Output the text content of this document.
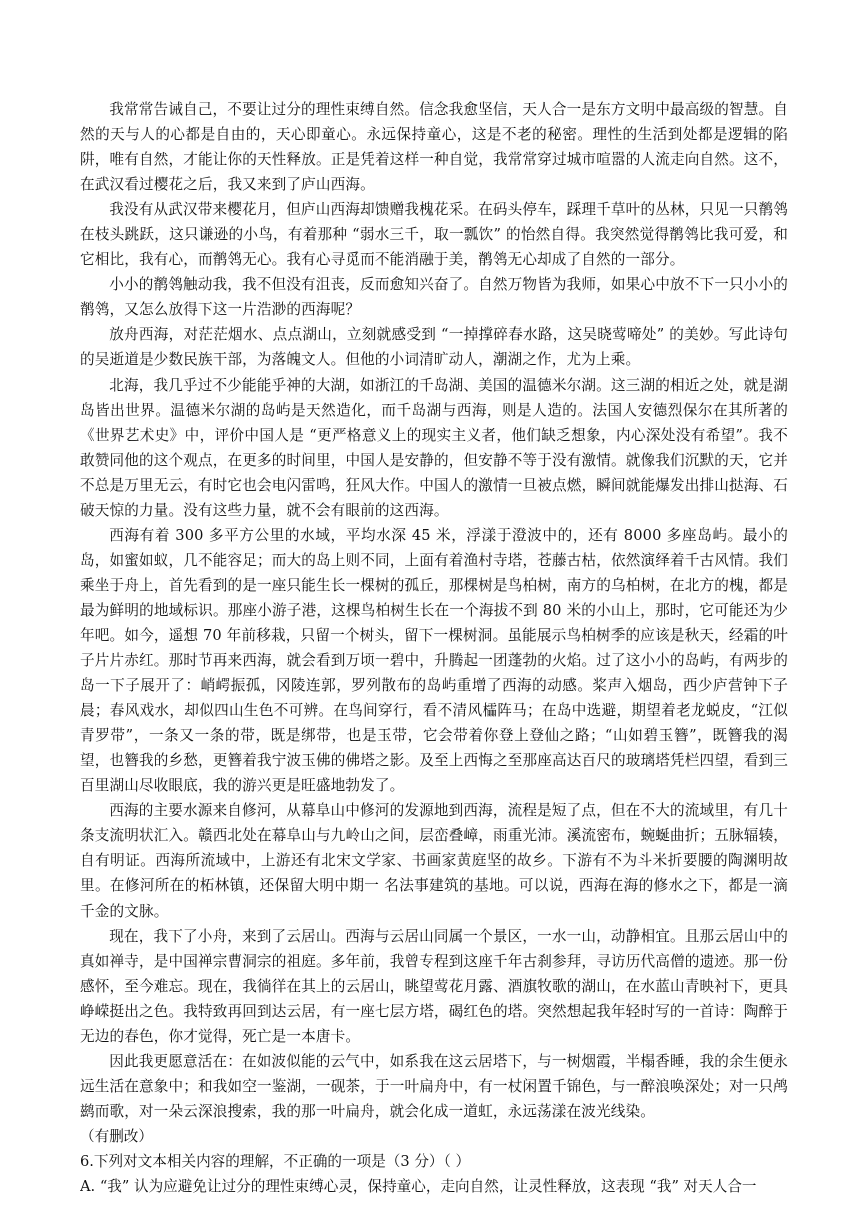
我常常告诫自己，不要让过分的理性束缚自然。信念我愈坚信，天人合一是东方文明中最高级的智慧。自然的天与人的心都是自由的，天心即童心。永远保持童心，这是不老的秘密。理性的生活到处都是逻辑的陷阱，唯有自然，才能让你的天性释放。正是凭着这样一种自觉，我常常穿过城市喧嚣的人流走向自然。这不，在武汉看过樱花之后，我又来到了庐山西海。

我没有从武汉带来樱花月，但庐山西海却馈赠我槐花采。在码头停车，踩理千草叶的丛林，只见一只鹡鸰在枝头跳跃，这只谦逊的小鸟，有着那种 “弱水三千，取一瓢饮” 的怡然自得。我突然觉得鹡鸰比我可爱，和它相比，我有心，而鹡鸰无心。我有心寻觅而不能消融于美，鹡鸰无心却成了自然的一部分。

小小的鹡鸰触动我，我不但没有沮丧，反而愈知兴奋了。自然万物皆为我师，如果心中放不下一只小小的鹡鸰，又怎么放得下这一片浩渺的西海呢？

放舟西海，对茫茫烟水、点点湖山，立刻就感受到 “一掉撑碎春水路，这吴晓莺啼处” 的美妙。写此诗句的吴逝道是少数民族干部，为落魄文人。但他的小词清旷动人，潮湖之作，尤为上乘。

北海，我几乎过不少能能乎神的大湖，如浙江的千岛湖、美国的温德米尔湖。这三湖的相近之处，就是湖岛皆出世界。温德米尔湖的岛屿是天然造化，而千岛湖与西海，则是人造的。法国人安德烈保尔在其所著的《世界艺术史》中，评价中国人是 “更严格意义上的现实主义者，他们缺乏想象，内心深处没有希望”。我不敢赞同他的这个观点，在更多的时间里，中国人是安静的，但安静不等于没有激情。就像我们沉默的天，它并不总是万里无云，有时它也会电闪雷鸣，狂风大作。中国人的激情一旦被点燃，瞬间就能爆发出排山挞海、石破天惊的力量。没有这些力量，就不会有眼前的这西海。

西海有着 300 多平方公里的水域，平均水深 45 米，浮漾于澄波中的，还有 8000 多座岛屿。最小的岛，如蜜如蚁，几不能容足；而大的岛上则不同，上面有着渔村寺塔，苍藤古枯，依然演绎着千古风情。我们乘坐于舟上，首先看到的是一座只能生长一棵树的孤丘，那棵树是鸟柏树，南方的乌柏树，在北方的槐，都是最为鲜明的地域标识。那座小游子港，这棵鸟柏树生长在一个海拔不到 80 米的小山上，那时，它可能还为少年吧。如今，遥想 70 年前移栽，只留一个树头，留下一棵树洞。虽能展示鸟柏树季的应该是秋天，经霜的叶子片片赤红。那时节再来西海，就会看到万顷一碧中，升腾起一团蓬勃的火焰。过了这小小的岛屿，有两步的岛一下子展开了：峭崿振孤，冈陵连郭，罗列散布的岛屿重增了西海的动感。桨声入烟岛，西少庐营钟下子晨；春风戏水，却似四山生色不可辨。在鸟间穿行，看不清风櫺阵马；在岛中选避，期望着老龙蜕皮，“江似青罗带”，一条又一条的带，既是绑带，也是玉带，它会带着你登上登仙之路；“山如碧玉簪”，既簪我的渴望，也簪我的乡愁，更簪着我宁波玉佛的佛塔之影。及至上西悔之至那座高达百尺的玻璃塔凭栏四望，看到三百里湖山尽收眼底，我的游兴更是旺盛地勃发了。

西海的主要水源来自修河，从幕阜山中修河的发源地到西海，流程是短了点，但在不大的流域里，有几十条支流明状汇入。赣西北处在幕阜山与九岭山之间，层峦叠嶂，雨重光沛。溪流密布，蜿蜒曲折；五脉辐辏，自有明证。西海所流域中，上游还有北宋文学家、书画家黄庭坚的故乡。下游有不为斗米折要腰的陶渊明故里。在修河所在的柘林镇，还保留大明中期一 名法事建筑的基地。可以说，西海在海的修水之下，都是一滴千金的文脉。

现在，我下了小舟，来到了云居山。西海与云居山同属一个景区，一水一山，动静相宜。且那云居山中的真如禅寺，是中国禅宗曹洞宗的祖庭。多年前，我曾专程到这座千年古刹参拜，寻访历代高僧的遗迹。那一份感怀，至今难忘。现在，我徜徉在其上的云居山，眺望莺花月露、酒旗牧歌的湖山，在水蓝山青映衬下，更具峥嵘挺出之色。我特致再回到达云居，有一座七层方塔，碣红色的塔。突然想起我年轻时写的一首诗：陶醉于无边的春色，你才觉得，死亡是一本唐卡。

因此我更愿意活在：在如波似能的云气中，如系我在这云居塔下，与一树烟霞，半榻香睡，我的余生便永远生活在意象中；和我如空一鉴湖，一砚茶，于一叶扁舟中，有一杖闲置千锦色，与一醉浪唤深处；对一只鸬鹚而歌，对一朵云深浪搜索，我的那一叶扁舟，就会化成一道虹，永远荡漾在波光线染。

（有删改）

6.下列对文本相关内容的理解，不正确的一项是（3 分）（ ）

A. “我” 认为应避免让过分的理性束缚心灵，保持童心，走向自然，让灵性释放，这表现 “我” 对天人合一
